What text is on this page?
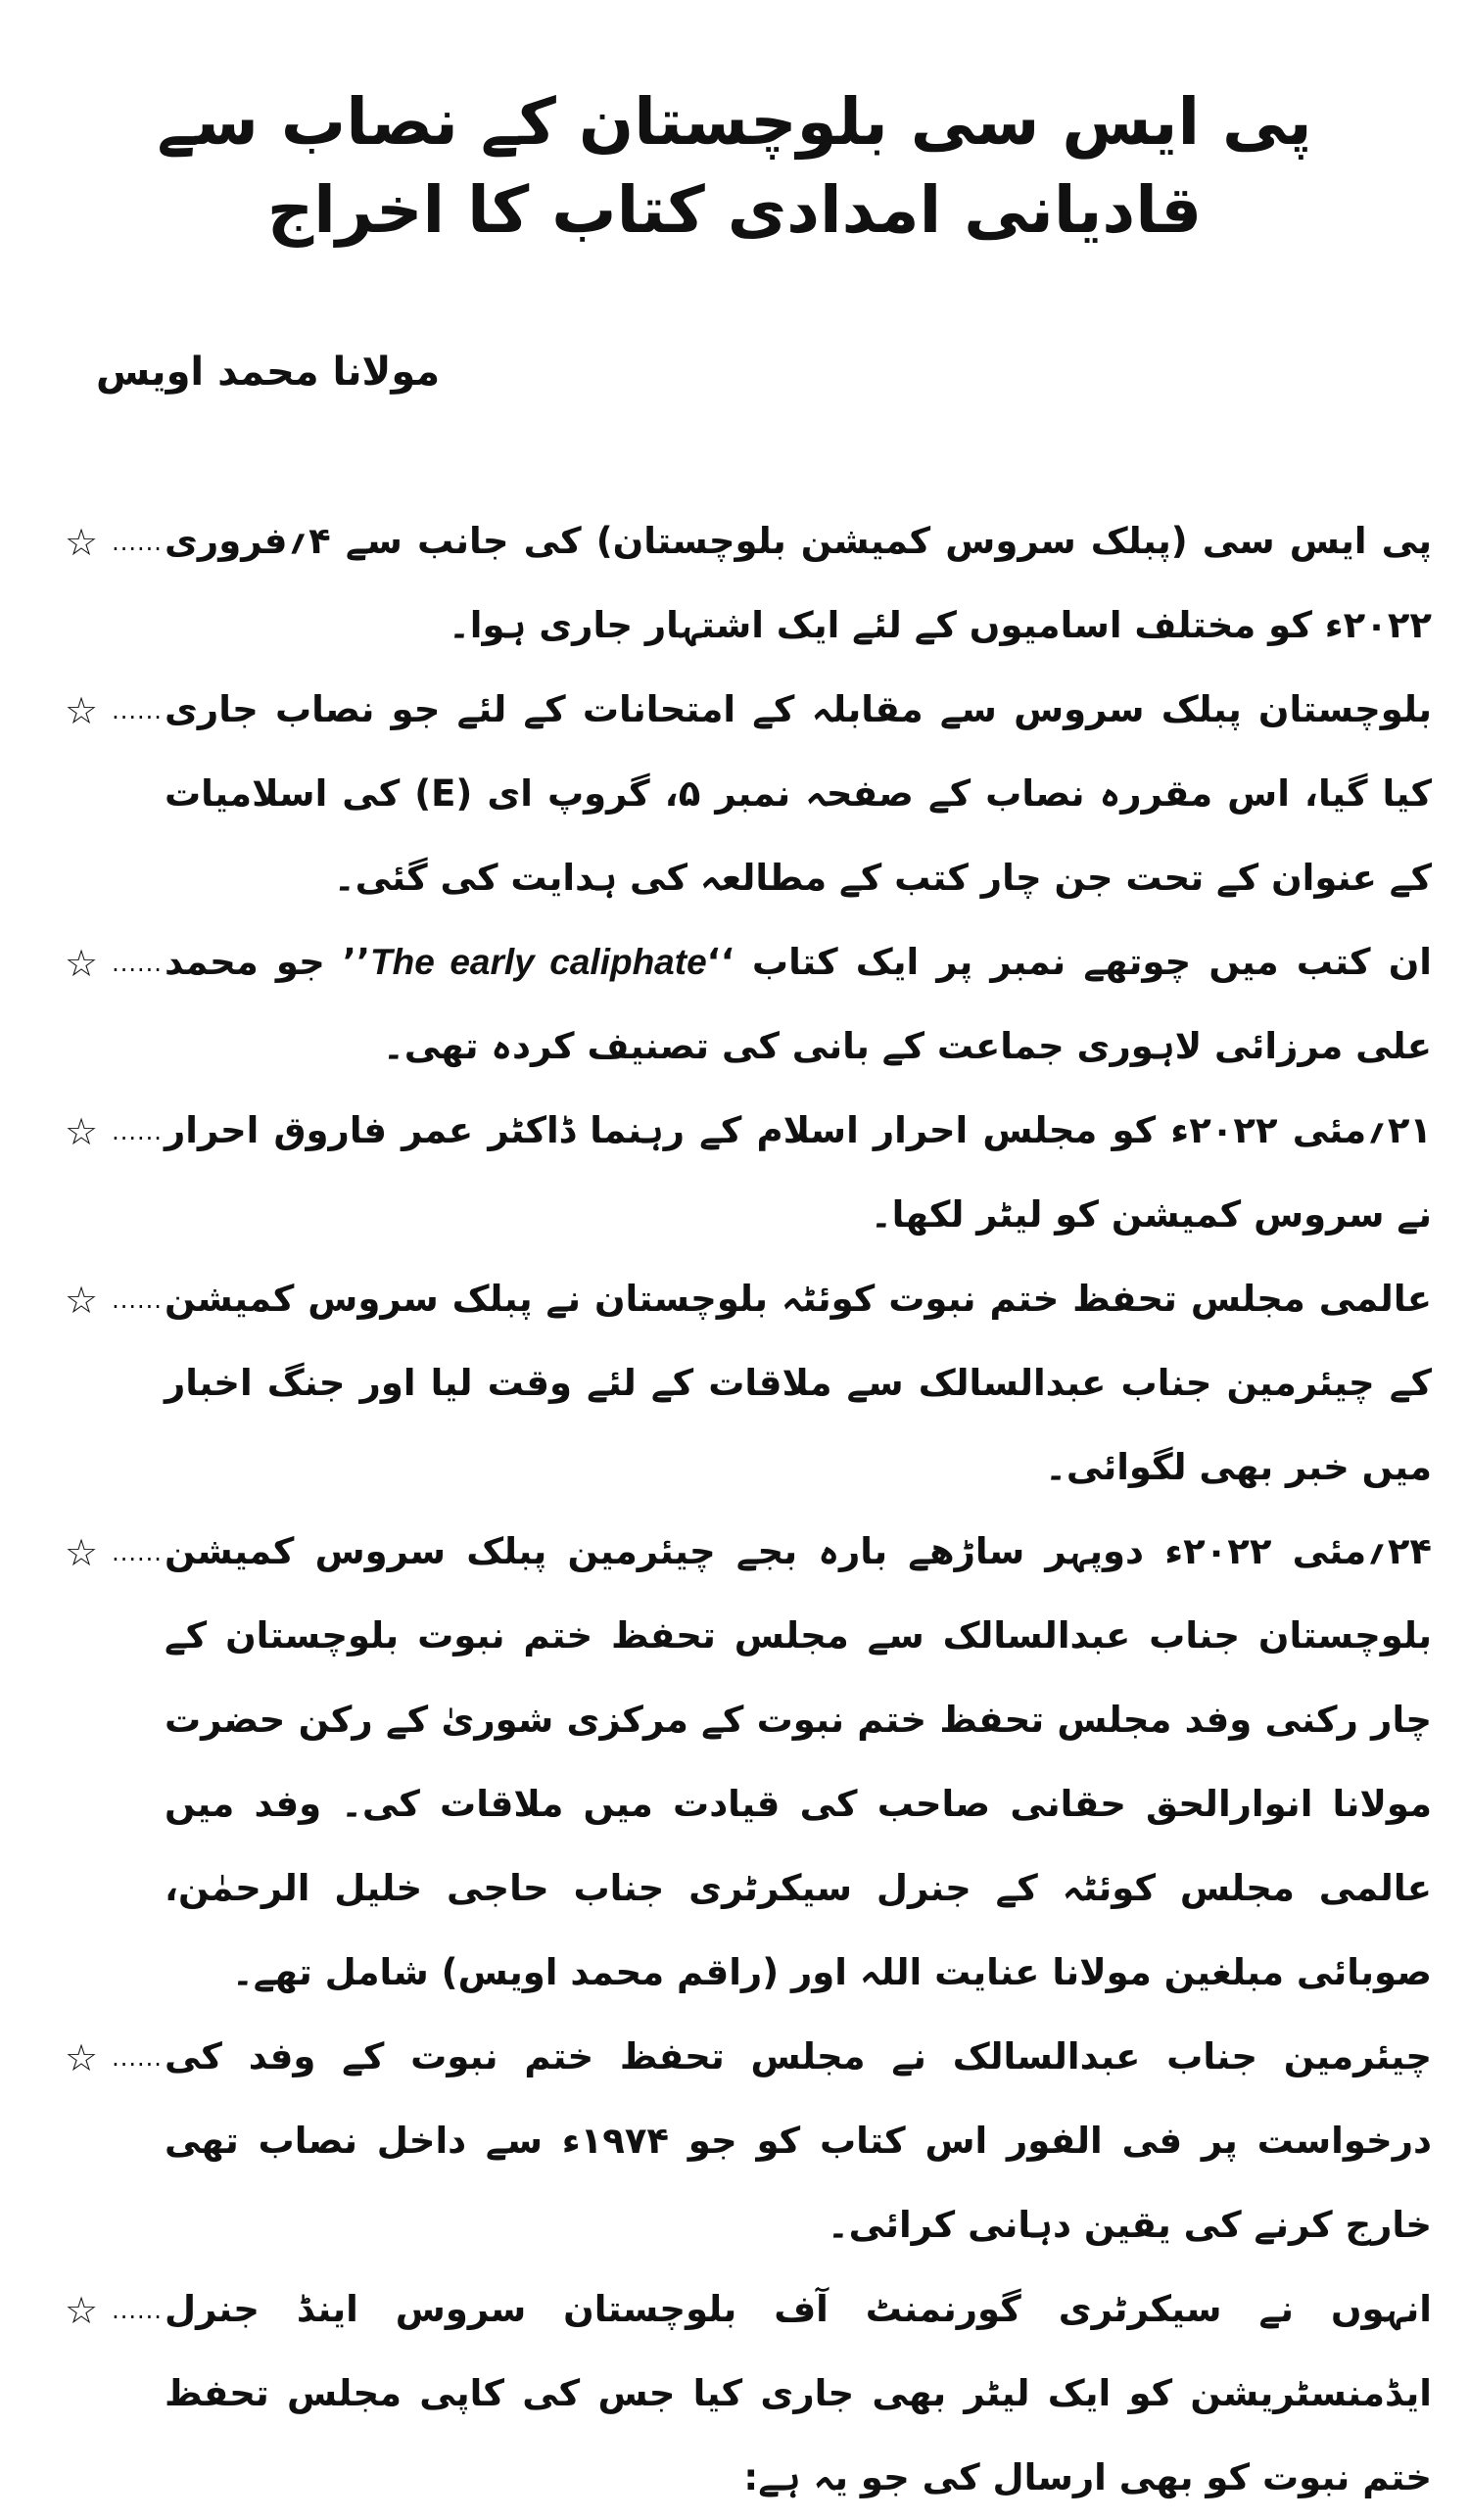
پی ایس سی بلوچستان کے نصاب سے قادیانی امدادی کتاب کا اخراج
مولانا محمد اویس
☆ ...... پی ایس سی (پبلک سروس کمیشن بلوچستان) کی جانب سے ۴؍فروری ۲۰۲۲ء کو مختلف اسامیوں کے لئے ایک اشتہار جاری ہوا۔
☆ ...... بلوچستان پبلک سروس سے مقابلہ کے امتحانات کے لئے جو نصاب جاری کیا گیا، اس مقررہ نصاب کے صفحہ نمبر ۵، گروپ ای (E) کی اسلامیات کے عنوان کے تحت جن چار کتب کے مطالعہ کی ہدایت کی گئی۔
☆ ......	ان کتب میں چوتھے نمبر پر ایک کتاب ‘‘The early caliphate’’ جو محمد علی مرزائی لاہوری جماعت کے بانی کی تصنیف کردہ تھی۔
☆ ...... ۲۱؍مئی ۲۰۲۲ء کو مجلس احرار اسلام کے رہنما ڈاکٹر عمر فاروق احرار نے سروس کمیشن کو لیٹر لکھا۔
☆ ...... عالمی مجلس تحفظ ختم نبوت کوئٹہ بلوچستان نے پبلک سروس کمیشن کے چیئرمین جناب عبدالسالک سے ملاقات کے لئے وقت لیا اور جنگ اخبار میں خبر بھی لگوائی۔
☆ ...... ۲۴؍مئی ۲۰۲۲ء دوپہر ساڑھے بارہ بجے چیئرمین پبلک سروس کمیشن بلوچستان جناب عبدالسالک سے مجلس تحفظ ختم نبوت بلوچستان کے چار رکنی وفد مجلس تحفظ ختم نبوت کے مرکزی شوریٰ کے رکن حضرت مولانا انوارالحق حقانی صاحب کی قیادت میں ملاقات کی۔ وفد میں عالمی مجلس کوئٹہ کے جنرل سیکرٹری جناب حاجی خلیل الرحمٰن، صوبائی مبلغین مولانا عنایت اللہ اور (راقم محمد اویس) شامل تھے۔
☆ ...... چیئرمین جناب عبدالسالک نے مجلس تحفظ ختم نبوت کے وفد کی درخواست پر فی الفور اس کتاب کو جو ۱۹۷۴ء سے داخل نصاب تھی خارج کرنے کی یقین دہانی کرائی۔
☆ ...... انہوں نے سیکرٹری گورنمنٹ آف بلوچستان سروس اینڈ جنرل ایڈمنسٹریشن کو ایک لیٹر بھی جاری کیا جس کی کاپی مجلس تحفظ ختم نبوت کو بھی ارسال کی جو یہ ہے:
